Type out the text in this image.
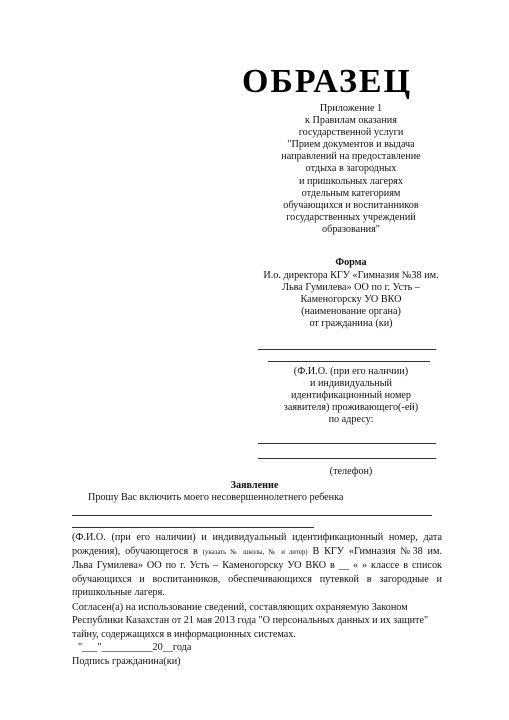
ОБРАЗЕЦ
Приложение 1
к Правилам оказания
государственной услуги
"Прием документов и выдача
направлений на предоставление
отдыха в загородных
и пришкольных лагерях
отдельным категориям
обучающихся и воспитанников
государственных учреждений
образования"
Форма
И.о. директора КГУ «Гимназия №38 им.
Льва Гумилева» ОО по г. Усть –
Каменогорску УО ВКО
(наименование органа)
от гражданина (ки)
(Ф.И.О. (при его наличии)
и индивидуальный
идентификационный номер
заявителя) проживающего(-ей)
по адресу:
(телефон)
Заявление
Прошу Вас включить моего несовершеннолетнего ребенка
(Ф.И.О. (при его наличии) и индивидуальный идентификационный номер, дата
рождения), обучающегося в (указать № школы, № и литер) В КГУ «Гимназия №38 им.
Льва Гумилева» ОО по г. Усть – Каменогорску УО ВКО в __ « » классе в список
обучающихся и воспитанников, обеспечивающихся путевкой в загородные и
пришкольные лагеря.
Согласен(а) на использование сведений, составляющих охраняемую Законом
Республики Казахстан от 21 мая 2013 года "О персональных данных и их защите"
тайну, содержащихся в информационных системах.
"___"__________20__года
Подпись гражданина(ки)
